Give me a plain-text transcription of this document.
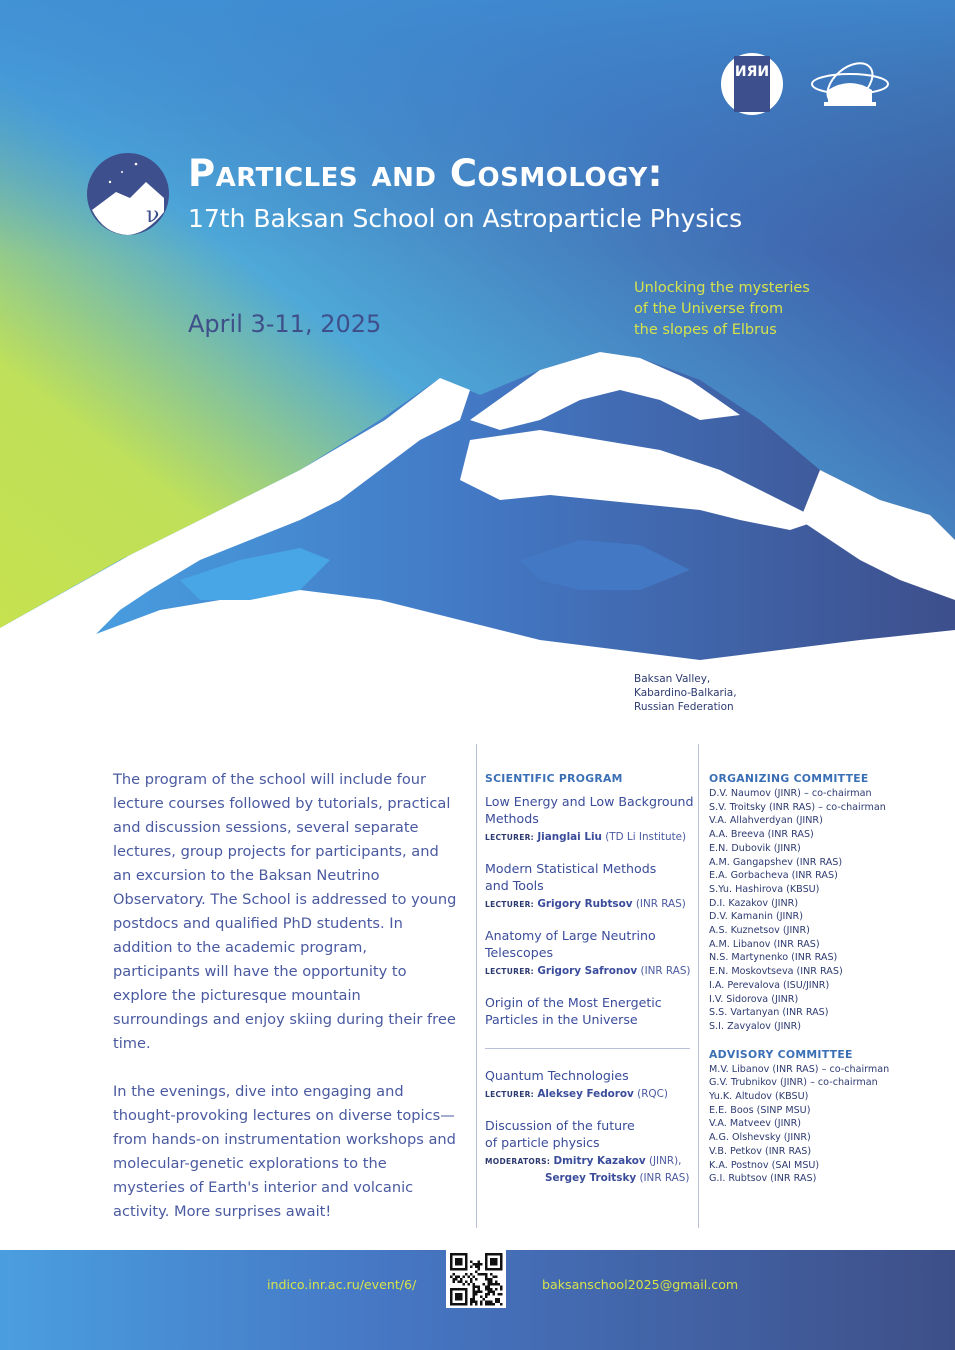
ν
ИЯИ
Particles and Cosmology:
17th Baksan School on Astroparticle Physics
April 3-11, 2025
Unlocking the mysteries
of the Universe from
the slopes of Elbrus
Baksan Valley,
Kabardino-Balkaria,
Russian Federation

The program of the school will include four lecture courses followed by tutorials, practical and discussion sessions, several separate lectures, group projects for participants, and an excursion to the Baksan Neutrino Observatory. The School is addressed to young postdocs and qualified PhD students. In addition to the academic program, participants will have the opportunity to explore the picturesque mountain surroundings and enjoy skiing during their free time.

In the evenings, dive into engaging and thought-provoking lectures on diverse topics—from hands-on instrumentation workshops and molecular-genetic explorations to the mysteries of Earth's interior and volcanic activity. More surprises await!

SCIENTIFIC PROGRAM
Low Energy and Low Background
Methods
LECTURER: Jianglai Liu (TD Li Institute)
Modern Statistical Methods
and Tools
LECTURER: Grigory Rubtsov (INR RAS)
Anatomy of Large Neutrino
Telescopes
LECTURER: Grigory Safronov (INR RAS)
Origin of the Most Energetic
Particles in the Universe
Quantum Technologies
LECTURER: Aleksey Fedorov (RQC)
Discussion of the future
of particle physics
MODERATORS: Dmitry Kazakov (JINR),
Sergey Troitsky (INR RAS)
ORGANIZING COMMITTEE
D.V. Naumov (JINR) – co-chairman
S.V. Troitsky (INR RAS) – co-chairman
V.A. Allahverdyan (JINR)
A.A. Breeva (INR RAS)
E.N. Dubovik (JINR)
A.M. Gangapshev (INR RAS)
E.A. Gorbacheva (INR RAS)
S.Yu. Hashirova (KBSU)
D.I. Kazakov (JINR)
D.V. Kamanin (JINR)
A.S. Kuznetsov (JINR)
A.M. Libanov (INR RAS)
N.S. Martynenko (INR RAS)
E.N. Moskovtseva (INR RAS)
I.A. Perevalova (ISU/JINR)
I.V. Sidorova (JINR)
S.S. Vartanyan (INR RAS)
S.I. Zavyalov (JINR)
ADVISORY COMMITTEE
M.V. Libanov (INR RAS) – co-chairman
G.V. Trubnikov (JINR) – co-chairman
Yu.K. Altudov (KBSU)
E.E. Boos (SINP MSU)
V.A. Matveev (JINR)
A.G. Olshevsky (JINR)
V.B. Petkov (INR RAS)
K.A. Postnov (SAI MSU)
G.I. Rubtsov (INR RAS)
indico.inr.ac.ru/event/6/	baksanschool2025@gmail.com
